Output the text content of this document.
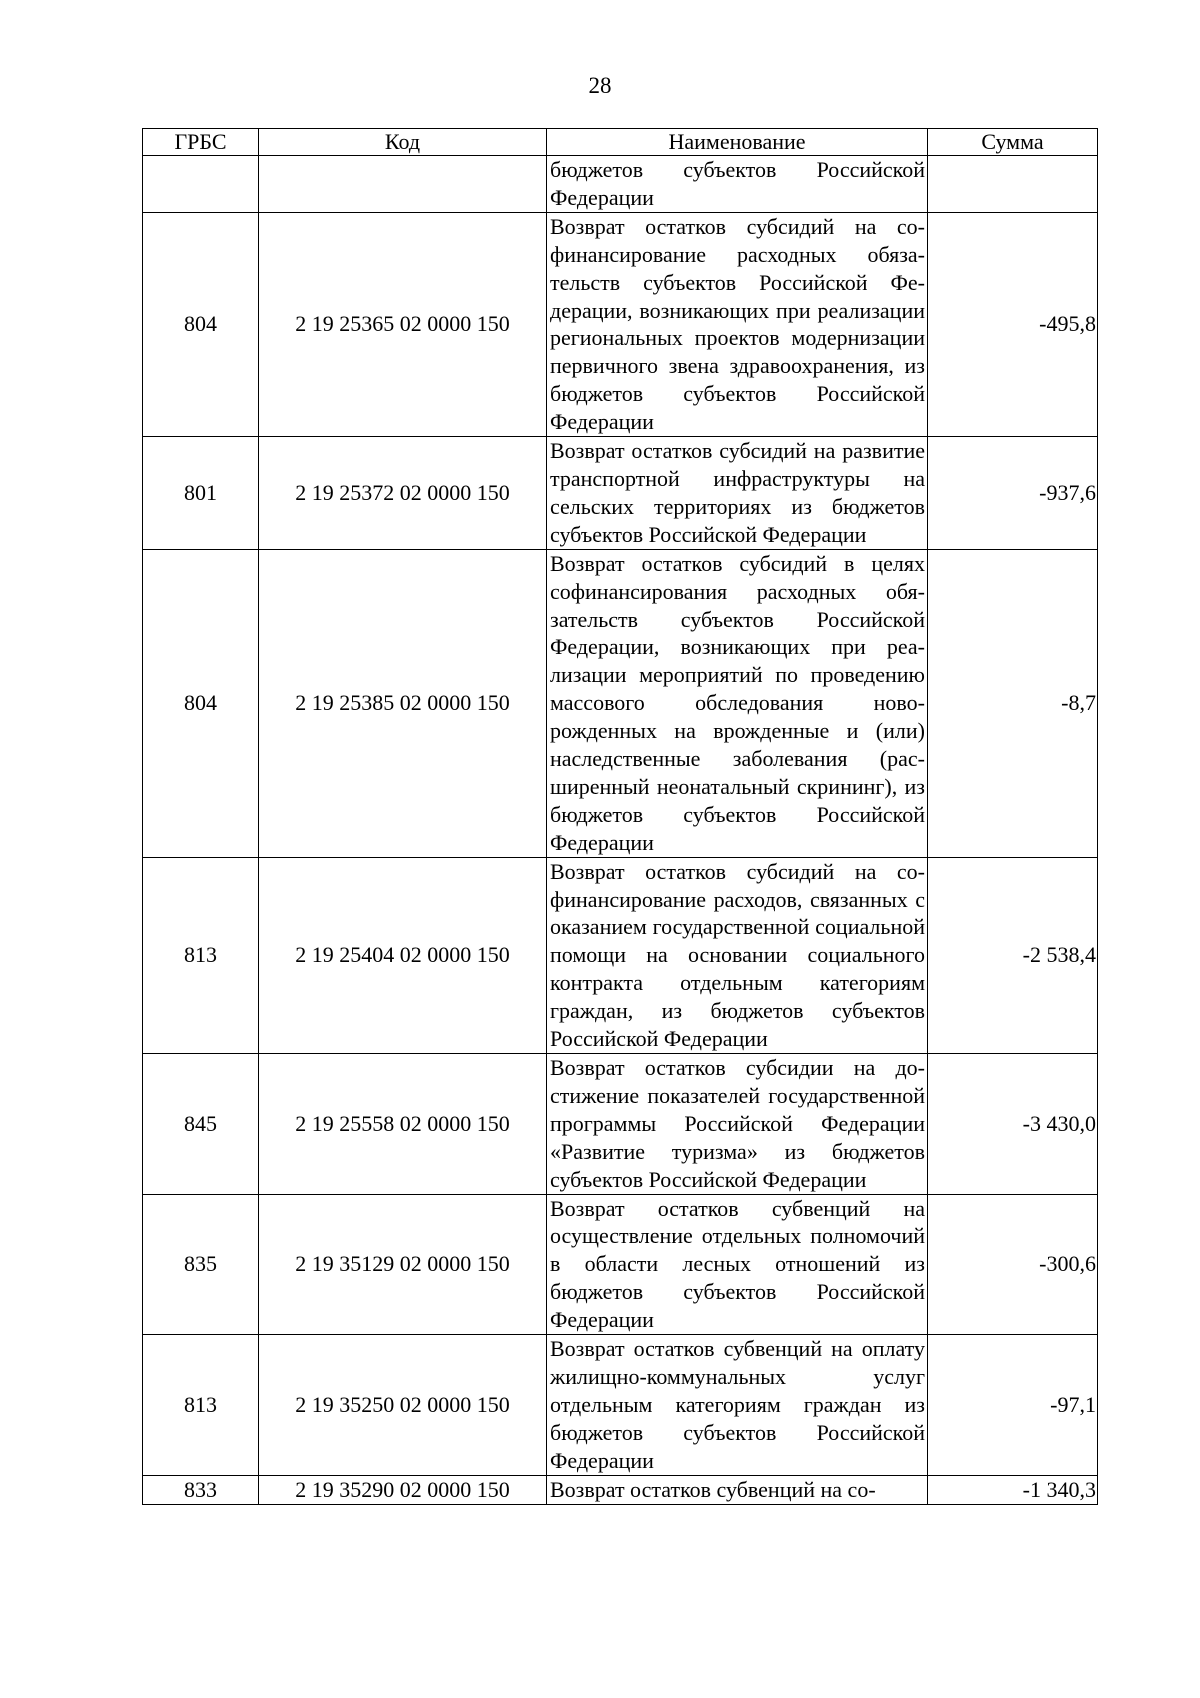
28
ГРБС	Код	Наименование	Сумма

		бюджетов субъектов Российской Федерации	

804	2 19 25365 02 0000 150	Возврат остатков субсидий на софинансирование расходных обязательств субъектов Российской Федерации, возникающих при реализации региональных проектов модернизации первичного звена здравоохранения, из бюджетов субъектов Российской Федерации	-495,8
801	2 19 25372 02 0000 150	Возврат остатков субсидий на развитие транспортной инфраструктуры на сельских территориях из бюджетов субъектов Российской Федерации	-937,6
804	2 19 25385 02 0000 150	Возврат остатков субсидий в целях софинансирования расходных обязательств субъектов Российской Федерации, возникающих при реализации мероприятий по проведению массового обследования новорожденных на врожденные и (или) наследственные заболевания (расширенный неонатальный скрининг), из бюджетов субъектов Российской Федерации	-8,7
813	2 19 25404 02 0000 150	Возврат остатков субсидий на софинансирование расходов, связанных с оказанием государственной социальной помощи на основании социального контракта отдельным категориям граждан, из бюджетов субъектов Российской Федерации	-2 538,4
845	2 19 25558 02 0000 150	Возврат остатков субсидии на достижение показателей государственной программы Российской Федерации «Развитие туризма» из бюджетов субъектов Российской Федерации	-3 430,0
835	2 19 35129 02 0000 150	Возврат остатков субвенций на осуществление отдельных полномочий в области лесных отношений из бюджетов субъектов Российской Федерации	-300,6
813	2 19 35250 02 0000 150	Возврат остатков субвенций на оплату жилищно-коммунальных услуг отдельным категориям граждан из бюджетов субъектов Российской Федерации	-97,1
833	2 19 35290 02 0000 150	Возврат остатков субвенций на со-	-1 340,3
